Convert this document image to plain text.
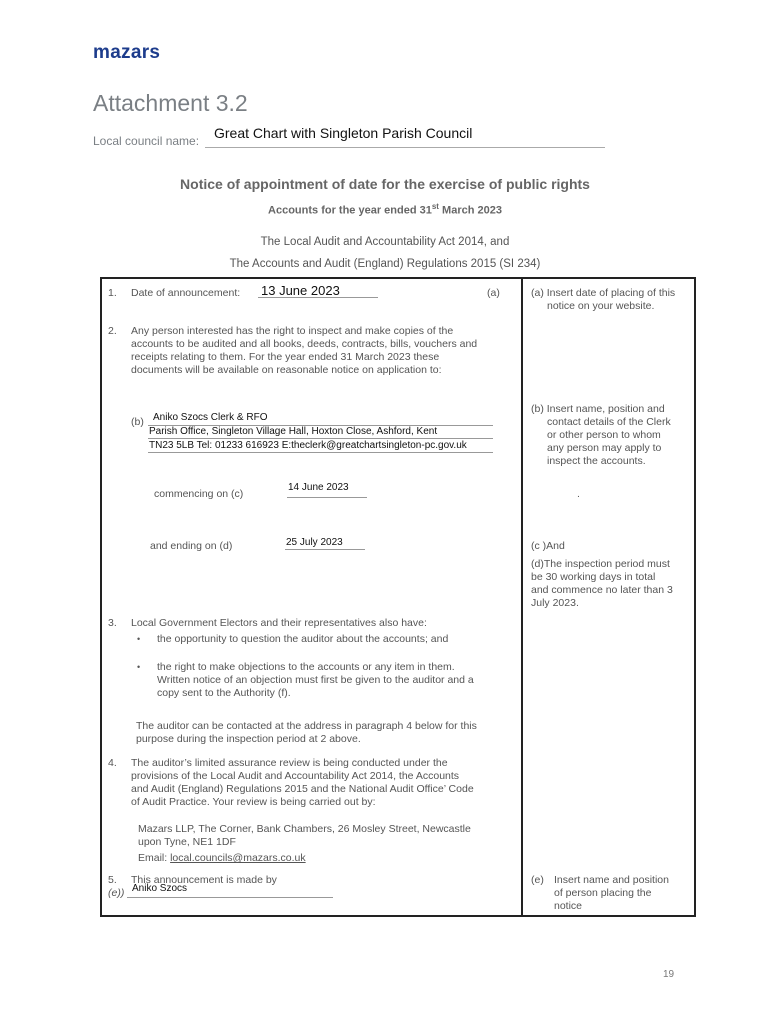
mazars
Attachment 3.2
Local council name: Great Chart with Singleton Parish Council
Notice of appointment of date for the exercise of public rights
Accounts for the year ended 31st March 2023
The Local Audit and Accountability Act 2014, and
The Accounts and Audit (England) Regulations 2015 (SI 234)
1. Date of announcement: 13 June 2023	(a)	(a) Insert date of placing of this
notice on your website.
2. Any person interested has the right to inspect and make copies of the
accounts to be audited and all books, deeds, contracts, bills, vouchers and
receipts relating to them. For the year ended 31 March 2023 these
documents will be available on reasonable notice on application to:
(b) Aniko Szocs Clerk & RFO
Parish Office, Singleton Village Hall, Hoxton Close, Ashford, Kent
TN23 5LB Tel: 01233 616923 E:theclerk@greatchartsingleton-pc.gov.uk
(b) Insert name, position and
contact details of the Clerk
or other person to whom
any person may apply to
inspect the accounts.
.
commencing on (c)
14 June 2023
and ending on (d)	25 July 2023	(c )And
(d)The inspection period must
be 30 working days in total
and commence no later than 3
July 2023.
3. Local Government Electors and their representatives also have:
• the opportunity to question the auditor about the accounts; and
• the right to make objections to the accounts or any item in them.
Written notice of an objection must first be given to the auditor and a
copy sent to the Authority (f).
The auditor can be contacted at the address in paragraph 4 below for this
purpose during the inspection period at 2 above.
4. The auditor’s limited assurance review is being conducted under the
provisions of the Local Audit and Accountability Act 2014, the Accounts
and Audit (England) Regulations 2015 and the National Audit Office’ Code
of Audit Practice. Your review is being carried out by:
Mazars LLP, The Corner, Bank Chambers, 26 Mosley Street, Newcastle
upon Tyne, NE1 1DF
Email: local.councils@mazars.co.uk
5. This announcement is made by
(e)) Aniko Szocs
(e) Insert name and position
of person placing the
notice
19
